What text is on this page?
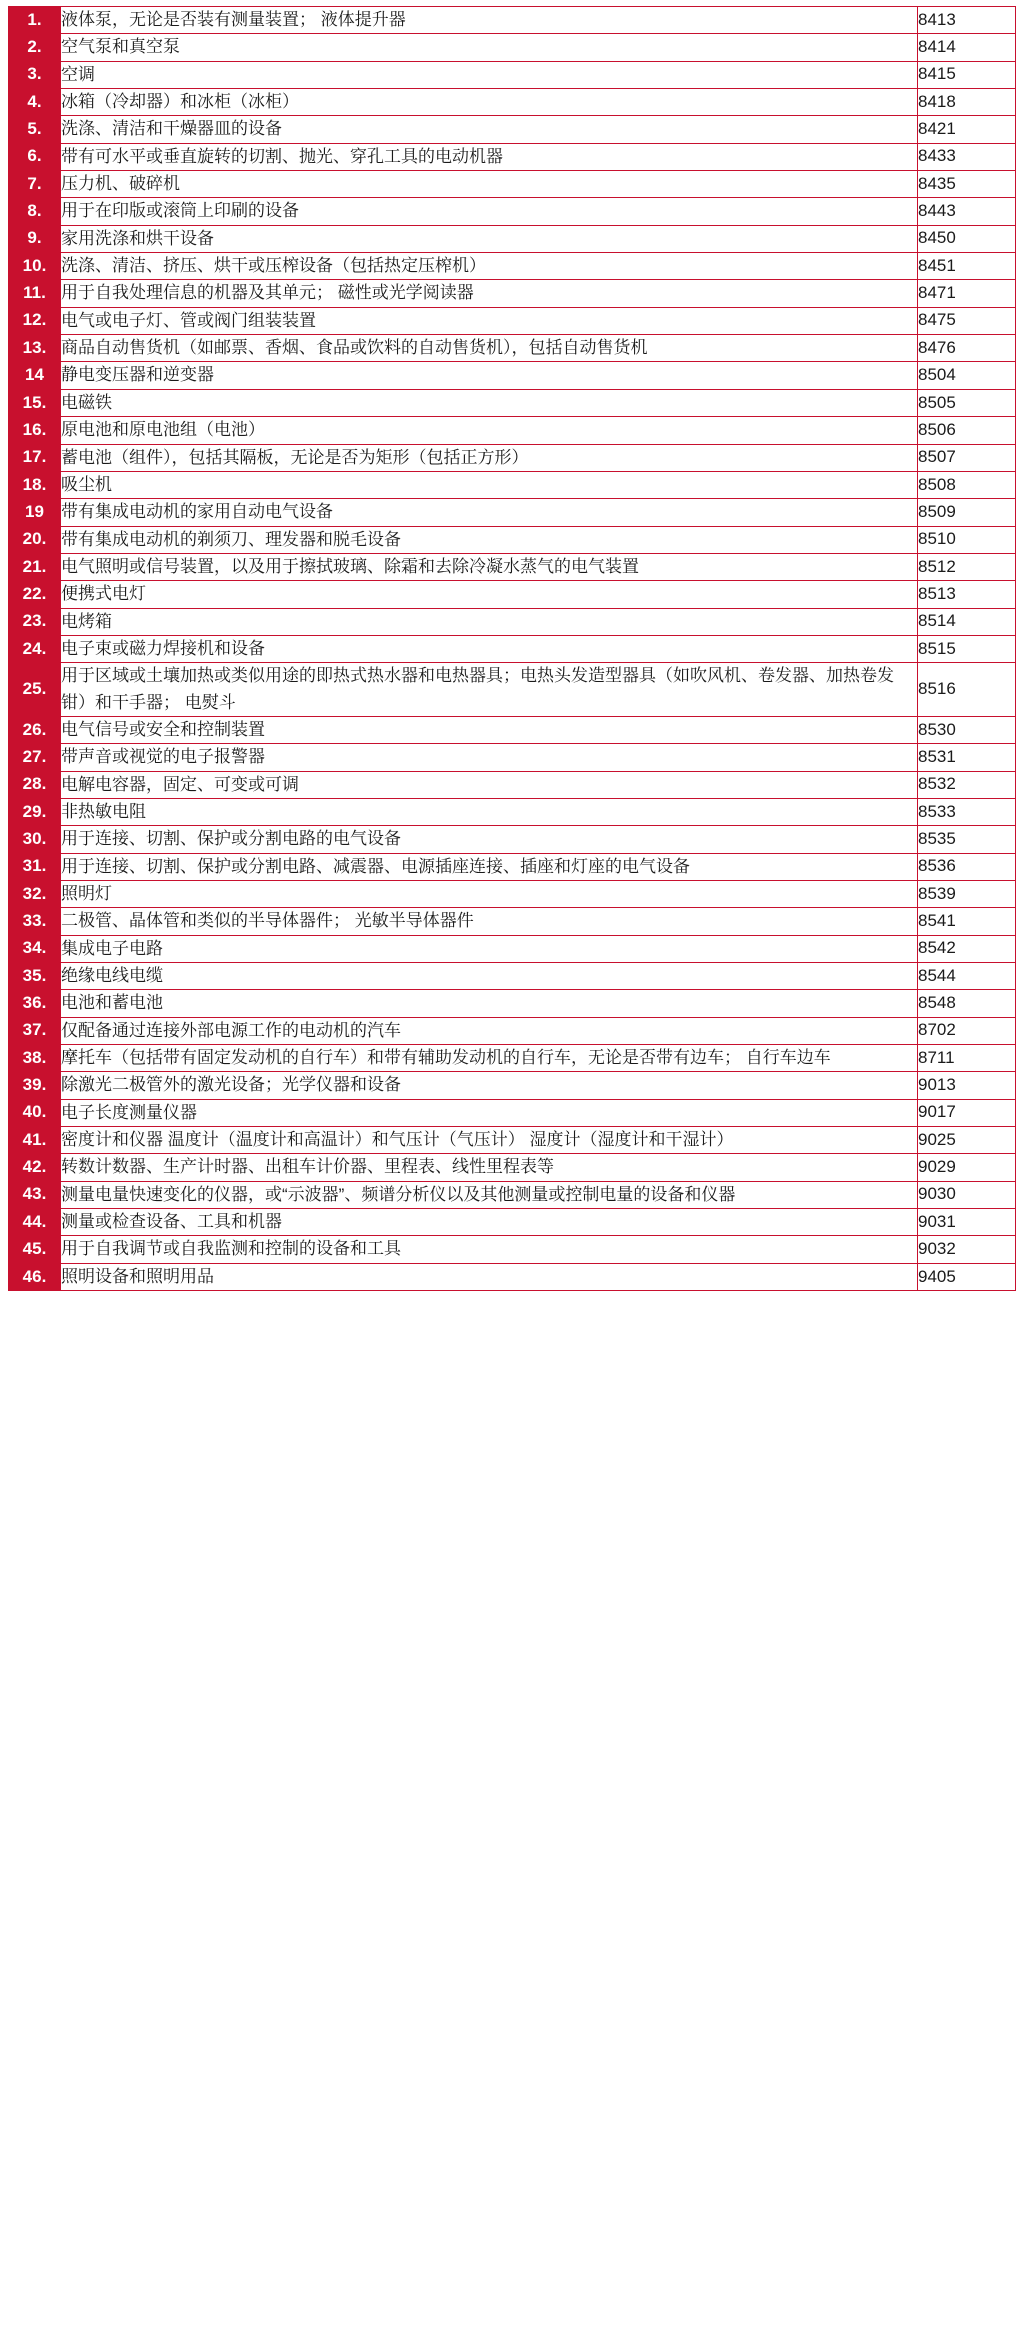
1.	液体泵，无论是否装有测量装置； 液体提升器	8413
2.	空气泵和真空泵	8414
3.	空调	8415
4.	冰箱（冷却器）和冰柜（冰柜）	8418
5.	洗涤、清洁和干燥器皿的设备	8421
6.	带有可水平或垂直旋转的切割、抛光、穿孔工具的电动机器	8433
7.	压力机、破碎机	8435
8.	用于在印版或滚筒上印刷的设备	8443
9.	家用洗涤和烘干设备	8450
10.	洗涤、清洁、挤压、烘干或压榨设备（包括热定压榨机）	8451
11.	用于自我处理信息的机器及其单元； 磁性或光学阅读器	8471
12.	电气或电子灯、管或阀门组装装置	8475
13.	商品自动售货机（如邮票、香烟、食品或饮料的自动售货机），包括自动售货机	8476
14	静电变压器和逆变器	8504
15.	电磁铁	8505
16.	原电池和原电池组（电池）	8506
17.	蓄电池（组件），包括其隔板，无论是否为矩形（包括正方形）	8507
18.	吸尘机	8508
19	带有集成电动机的家用自动电气设备	8509
20.	带有集成电动机的剃须刀、理发器和脱毛设备	8510
21.	电气照明或信号装置，以及用于擦拭玻璃、除霜和去除冷凝水蒸气的电气装置	8512
22.	便携式电灯	8513
23.	电烤箱	8514
24.	电子束或磁力焊接机和设备	8515
25.	用于区域或土壤加热或类似用途的即热式热水器和电热器具；电热头发造型器具（如吹风机、卷发器、加热卷发钳）和干手器； 电熨斗	8516
26.	电气信号或安全和控制装置	8530
27.	带声音或视觉的电子报警器	8531
28.	电解电容器，固定、可变或可调	8532
29.	非热敏电阻	8533
30.	用于连接、切割、保护或分割电路的电气设备	8535
31.	用于连接、切割、保护或分割电路、减震器、电源插座连接、插座和灯座的电气设备	8536
32.	照明灯	8539
33.	二极管、晶体管和类似的半导体器件； 光敏半导体器件	8541
34.	集成电子电路	8542
35.	绝缘电线电缆	8544
36.	电池和蓄电池	8548
37.	仅配备通过连接外部电源工作的电动机的汽车	8702
38.	摩托车（包括带有固定发动机的自行车）和带有辅助发动机的自行车，无论是否带有边车； 自行车边车	8711
39.	除激光二极管外的激光设备；光学仪器和设备	9013
40.	电子长度测量仪器	9017
41.	密度计和仪器 温度计（温度计和高温计）和气压计（气压计） 湿度计（湿度计和干湿计）	9025
42.	转数计数器、生产计时器、出租车计价器、里程表、线性里程表等	9029
43.	测量电量快速变化的仪器，或“示波器”、频谱分析仪以及其他测量或控制电量的设备和仪器	9030
44.	测量或检查设备、工具和机器	9031
45.	用于自我调节或自我监测和控制的设备和工具	9032
46.	照明设备和照明用品	9405
